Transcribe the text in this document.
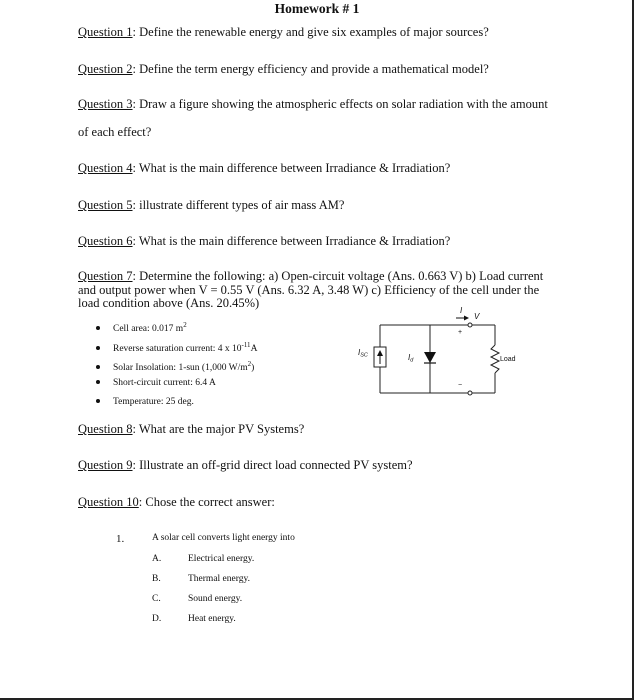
Homework # 1
Question 1: Define the renewable energy and give six examples of major sources?
Question 2: Define the term energy efficiency and provide a mathematical model?
Question 3: Draw a figure showing the atmospheric effects on solar radiation with the amount
of each effect?
Question 4: What is the main difference between Irradiance & Irradiation?
Question 5: illustrate different types of air mass AM?
Question 6: What is the main difference between Irradiance & Irradiation?
Question 7: Determine the following: a) Open-circuit voltage (Ans. 0.663 V) b) Load current and output power when V = 0.55 V (Ans. 6.32 A, 3.48 W) c) Efficiency of the cell under the load condition above (Ans. 20.45%)
Cell area: 0.017 $m^2$
Reverse saturation current: 4 x $10^{-11}A$
Solar Insolation: 1-sun (1,000 $W/m^2$)
Short-circuit current: 6.4 A
Temperature: 25 deg.
ISC	Id
I
V
+
−
Load
Question 8: What are the major PV Systems?
Question 9: Illustrate an off-grid direct load connected PV system?
Question 10: Chose the correct answer:
1.	A solar cell converts light energy into
A.	Electrical energy.
B.	Thermal energy.
C.	Sound energy.
D.	Heat energy.
